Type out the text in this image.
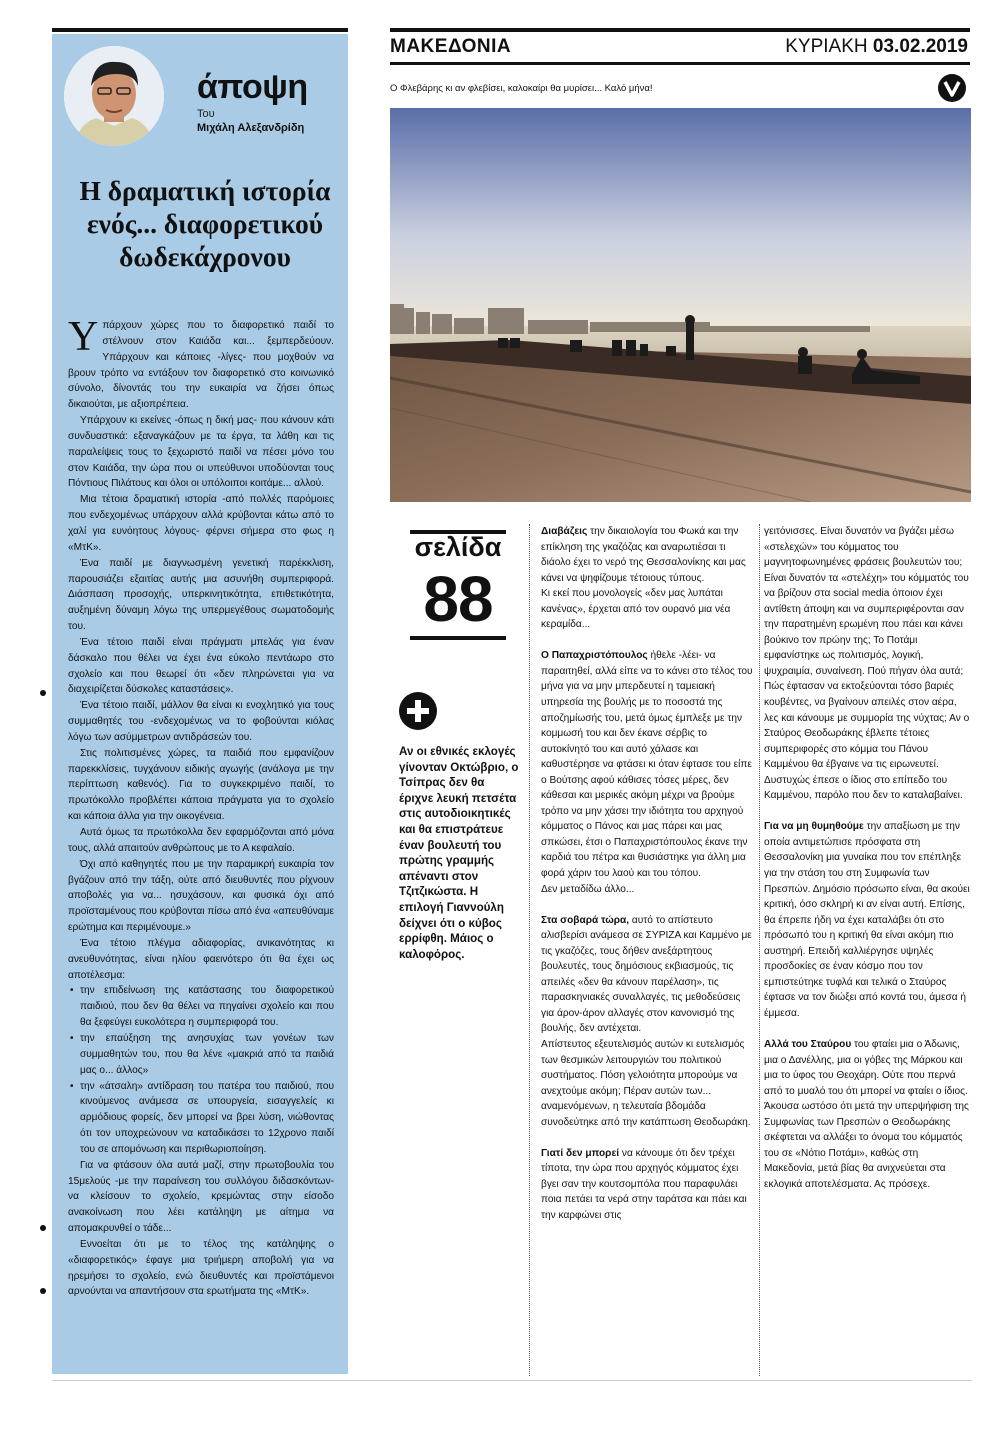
άποψη
Του
Μιχάλη Αλεξανδρίδη
Η δραματική ιστορία ενός... διαφορετικού δωδεκάχρονου

Υπάρχουν χώρες που το διαφορετικό παιδί το στέλνουν στον Καιάδα και... ξεμπερδεύουν. Υπάρχουν και κάποιες -λίγες- που μοχθούν να βρουν τρόπο να εντάξουν τον διαφορετικό στο κοινωνικό σύνολο, δίνοντάς του την ευκαιρία να ζήσει όπως δικαιούται, με αξιοπρέπεια.

Υπάρχουν κι εκείνες -όπως η δική μας- που κάνουν κάτι συνδυαστικά: εξαναγκάζουν με τα έργα, τα λάθη και τις παραλείψεις τους το ξεχωριστό παιδί να πέσει μόνο του στον Καιάδα, την ώρα που οι υπεύθυνοι υποδύονται τους Πόντιους Πιλάτους και όλοι οι υπόλοιποι κοιτάμε... αλλού.

Μια τέτοια δραματική ιστορία -από πολλές παρόμοιες που ενδεχομένως υπάρχουν αλλά κρύβονται κάτω από το χαλί για ευνόητους λόγους- φέρνει σήμερα στο φως η «ΜτΚ».

Ένα παιδί με διαγνωσμένη γενετική παρέκκλιση, παρουσιάζει εξαιτίας αυτής μια ασυνήθη συμπεριφορά. Διάσπαση προσοχής, υπερκινητικότητα, επιθετικότητα, αυξημένη δύναμη λόγω της υπερμεγέθους σωματοδομής του.

Ένα τέτοιο παιδί είναι πράγματι μπελάς για έναν δάσκαλο που θέλει να έχει ένα εύκολο πεντάωρο στο σχολείο και που θεωρεί ότι «δεν πληρώνεται για να διαχειρίζεται δύσκολες καταστάσεις».

Ένα τέτοιο παιδί, μάλλον θα είναι κι ενοχλητικό για τους συμμαθητές του -ενδεχομένως να το φοβούνται κιόλας λόγω των ασύμμετρων αντιδράσεών του.

Στις πολιτισμένες χώρες, τα παιδιά που εμφανίζουν παρεκκλίσεις, τυγχάνουν ειδικής αγωγής (ανάλογα με την περίπτωση καθενός). Για το συγκεκριμένο παιδί, το πρωτόκολλο προβλέπει κάποια πράγματα για το σχολείο και κάποια άλλα για την οικογένεια.

Αυτά όμως τα πρωτόκολλα δεν εφαρμόζονται από μόνα τους, αλλά απαιτούν ανθρώπους με το Α κεφαλαίο.

Όχι από καθηγητές που με την παραμικρή ευκαιρία τον βγάζουν από την τάξη, ούτε από διευθυντές που ρίχνουν αποβολές για να... ησυχάσουν, και φυσικά όχι από προϊσταμένους που κρύβονται πίσω από ένα «απευθύναμε ερώτημα και περιμένουμε.»

Ένα τέτοιο πλέγμα αδιαφορίας, ανικανότητας κι ανευθυνότητας, είναι ηλίου φαεινότερο ότι θα έχει ως αποτέλεσμα:

• την επιδείνωση της κατάστασης του διαφορετικού παιδιού, που δεν θα θέλει να πηγαίνει σχολείο και που θα ξεφεύγει ευκολότερα η συμπεριφορά του.
• την επαύξηση της ανησυχίας των γονέων των συμμαθητών του, που θα λένε «μακριά από τα παιδιά μας ο... άλλος»
• την «άτσαλη» αντίδραση του πατέρα του παιδιού, που κινούμενος ανάμεσα σε υπουργεία, εισαγγελείς κι αρμόδιους φορείς, δεν μπορεί να βρει λύση, νιώθοντας ότι τον υποχρεώνουν να καταδικάσει το 12χρονο παιδί του σε απομόνωση και περιθωριοποίηση.

Για να φτάσουν όλα αυτά μαζί, στην πρωτοβουλία του 15μελούς -με την παραίνεση του συλλόγου διδασκόντων- να κλείσουν το σχολείο, κρεμώντας στην είσοδο ανακοίνωση που λέει κατάληψη με αίτημα να απομακρυνθεί ο τάδε...

Εννοείται ότι με το τέλος της κατάληψης ο «διαφορετικός» έφαγε μια τριήμερη αποβολή για να ηρεμήσει το σχολείο, ενώ διευθυντές και προϊστάμενοι αρνούνται να απαντήσουν στα ερωτήματα της «ΜτΚ».

ΜΑΚΕΔΟΝΙΑ	ΚΥΡΙΑΚΗ 03.02.2019
Ο Φλεβάρης κι αν φλεβίσει, καλοκαίρι θα μυρίσει... Καλό μήνα!
σελίδα
88

Αν οι εθνικές εκλογές γίνονταν Οκτώβριο, ο Τσίπρας δεν θα έριχνε λευκή πετσέτα στις αυτοδιοικητικές και θα επιστράτευε έναν βουλευτή του πρώτης γραμμής απέναντι στον Τζιτζικώστα. Η επιλογή Γιαννούλη δείχνει ότι ο κύβος ερρίφθη. Μάιος ο καλοφόρος.

Διαβάζεις την δικαιολογία του Φωκά και την επίκληση της γκαζόζας και αναρωτιέσαι τι διάολο έχει το νερό της Θεσσαλονίκης και μας κάνει να ψηφίζουμε τέτοιους τύπους.
Κι εκεί που μονολογείς «δεν μας λυπάται κανένας», έρχεται από τον ουρανό μια νέα κεραμίδα...

Ο Παπαχριστόπουλος ήθελε -λέει- να παραιτηθεί, αλλά είπε να το κάνει στο τέλος του μήνα για να μην μπερδευτεί η ταμειακή υπηρεσία της βουλής με το ποσοστά της αποζημίωσής του, μετά όμως έμπλεξε με την κομμωσή του και δεν έκανε σέρβις το αυτοκίνητό του και αυτό χάλασε και καθυστέρησε να φτάσει κι όταν έφτασε του είπε ο Βούτσης αφού κάθισες τόσες μέρες, δεν κάθεσαι και μερικές ακόμη μέχρι να βρούμε τρόπο να μην χάσει την ιδιότητα του αρχηγού κόμματος ο Πάνος και μας πάρει και μας σπκώσει, έτσι ο Παπαχριστόπουλος έκανε την καρδιά του πέτρα και θυσιάστηκε για άλλη μια φορά χάριν του λαού και του τόπου.
Δεν μεταδίδω άλλο...

Στα σοβαρά τώρα, αυτό το απίστευτο αλισβερίσι ανάμεσα σε ΣΥΡΙΖΑ και Καμμένο με τις γκαζόζες, τους δήθεν ανεξάρτητους βουλευτές, τους δημόσιους εκβιασμούς, τις απειλές «δεν θα κάνουν παρέλαση», τις παρασκηνιακές συναλλαγές, τις μεθοδεύσεις για άρον-άρον αλλαγές στον κανονισμό της βουλής, δεν αντέχεται.
Απίστευτος εξευτελισμός αυτών κι ευτελισμός των θεσμικών λειτουργιών του πολιτικού συστήματος. Πόση γελοιότητα μπορούμε να ανεχτούμε ακόμη; Πέραν αυτών των... αναμενόμενων, η τελευταία βδομάδα συνοδεύτηκε από την κατάπτωση Θεοδωράκη.

Γιατί δεν μπορεί να κάνουμε ότι δεν τρέχει τίποτα, την ώρα που αρχηγός κόμματος έχει βγει σαν την κουτσομπόλα που παραφυλάει ποια πετάει τα νερά στην ταράτσα και πάει και την καρφώνει στις

γειτόνισσες. Είναι δυνατόν να βγάζει μέσω «στελεχών» του κόμματος του μαγνητοφωνημένες φράσεις βουλευτών του;
Είναι δυνατόν τα «στελέχη» του κόμματός του να βρίζουν στα social media όποιον έχει αντίθετη άποψη και να συμπεριφέρονται σαν την παρατημένη ερωμένη που πάει και κάνει βούκινο τον πρώην της; Το Ποτάμι εμφανίστηκε ως πολιτισμός, λογική, ψυχραιμία, συναίνεση. Πού πήγαν όλα αυτά; Πώς έφτασαν να εκτοξεύονται τόσο βαριές κουβέντες, να βγαίνουν απειλές στον αέρα, λες και κάνουμε με συμμορία της νύχτας; Αν ο Σταύρος Θεοδωράκης έβλεπε τέτοιες συμπεριφορές στο κόμμα του Πάνου Καμμένου θα έβγαινε να τις ειρωνευτεί. Δυστυχώς έπεσε ο ίδιος στο επίπεδο του Καμμένου, παρόλο που δεν το καταλαβαίνει.

Για να μη θυμηθούμε την απαξίωση με την οποία αντιμετώπισε πρόσφατα στη Θεσσαλονίκη μια γυναίκα που τον επέπληξε για την στάση του στη Συμφωνία των Πρεσπών. Δημόσιο πρόσωπο είναι, θα ακούει κριτική, όσο σκληρή κι αν είναι αυτή. Επίσης, θα έπρεπε ήδη να έχει καταλάβει ότι στο πρόσωπό του η κριτική θα είναι ακόμη πιο αυστηρή. Επειδή καλλιέργησε υψηλές προσδοκίες σε έναν κόσμο που τον εμπιστεύτηκε τυφλά και τελικά ο Σταύρος έφτασε να τον διώξει από κοντά του, άμεσα ή έμμεσα.

Αλλά του Σταύρου του φταίει μια ο Άδωνις, μια ο Δανέλλης, μια οι γόβες της Μάρκου και μια το ύφος του Θεοχάρη. Ούτε που περνά από το μυαλό του ότι μπορεί να φταίει ο ίδιος.
Άκουσα ωστόσο ότι μετά την υπερψήφιση της Συμφωνίας των Πρεσπών ο Θεοδωράκης σκέφτεται να αλλάξει το όνομα του κόμματός του σε «Νότιο Ποτάμι», καθώς στη Μακεδονία, μετά βίας θα ανιχνεύεται στα εκλογικά αποτελέσματα. Ας πρόσεχε.
